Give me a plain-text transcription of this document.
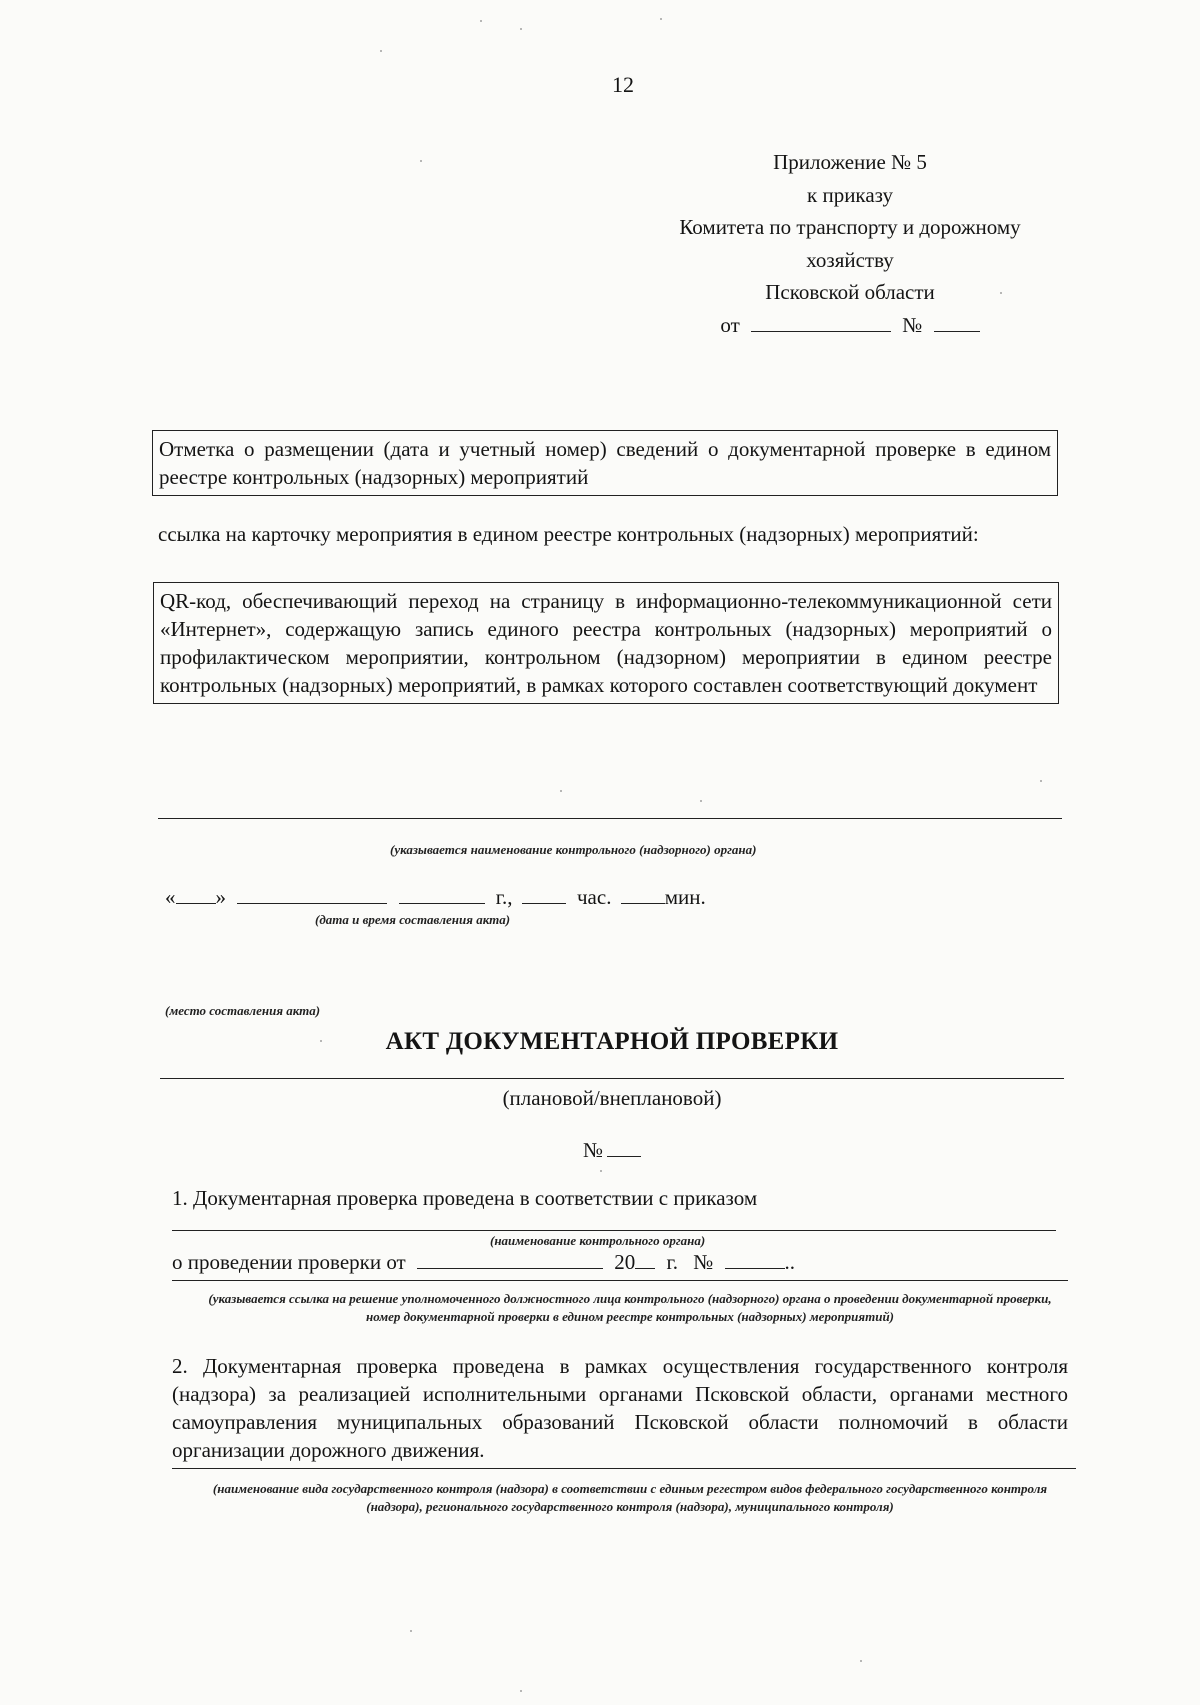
12
Приложение № 5
к приказу
Комитета по транспорту и дорожному
хозяйству
Псковской области
от	№
Отметка о размещении (дата и учетный номер) сведений о документарной проверке в едином реестре контрольных (надзорных) мероприятий
ссылка на карточку мероприятия в едином реестре контрольных (надзорных) мероприятий:
QR-код, обеспечивающий переход на страницу в информационно-телекоммуникационной сети «Интернет», содержащую запись единого реестра контрольных (надзорных) мероприятий о профилактическом мероприятии, контрольном (надзорном) мероприятии в едином реестре контрольных (надзорных) мероприятий, в рамках которого составлен соответствующий документ
(указывается наименование контрольного (надзорного) органа)
« »	г.,	час.	мин.
(дата и время составления акта)
(место составления акта)
АКТ ДОКУМЕНТАРНОЙ ПРОВЕРКИ
(плановой/внеплановой)
№
1. Документарная проверка проведена в соответствии с приказом
(наименование контрольного органа)
о проведении проверки от	20 г. №	..
(указывается ссылка на решение уполномоченного должностного лица контрольного (надзорного) органа о проведении документарной проверки, номер документарной проверки в едином реестре контрольных (надзорных) мероприятий)
2. Документарная проверка проведена в рамках осуществления государственного контроля (надзора) за реализацией исполнительными органами Псковской области, органами местного самоуправления муниципальных образований Псковской области полномочий в области организации дорожного движения.
(наименование вида государственного контроля (надзора) в соответствии с единым регестром видов федерального государственного контроля (надзора), регионального государственного контроля (надзора), муниципального контроля)
